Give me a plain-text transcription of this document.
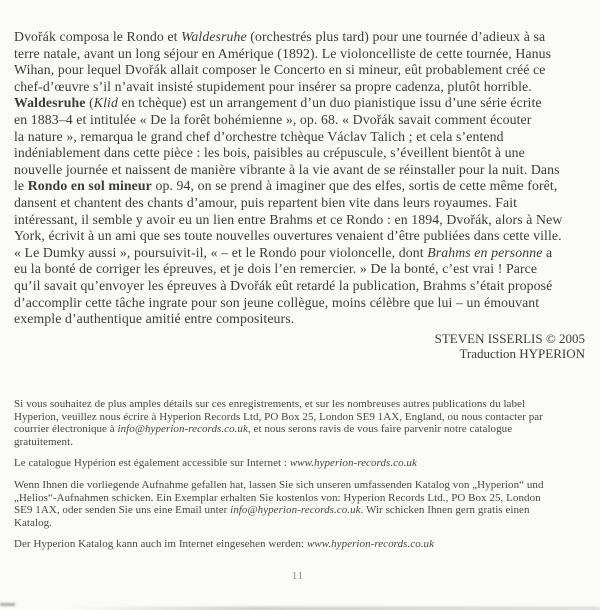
Dvořák composa le Rondo et Waldesruhe (orchestrés plus tard) pour une tournée d’adieux à sa
terre natale, avant un long séjour en Amérique (1892). Le violoncelliste de cette tournée, Hanus
Wihan, pour lequel Dvořák allait composer le Concerto en si mineur, eût probablement créé ce
chef-d’œuvre s’il n’avait insisté stupidement pour insérer sa propre cadenza, plutôt horrible.
Waldesruhe (Klid en tchèque) est un arrangement d’un duo pianistique issu d’une série écrite
en 1883–4 et intitulée « De la forêt bohémienne », op. 68. « Dvořák savait comment écouter
la nature », remarqua le grand chef d’orchestre tchèque Václav Talich ; et cela s’entend
indéniablement dans cette pièce : les bois, paisibles au crépuscule, s’éveillent bientôt à une
nouvelle journée et naissent de manière vibrante à la vie avant de se réinstaller pour la nuit. Dans
le Rondo en sol mineur op. 94, on se prend à imaginer que des elfes, sortis de cette même forêt,
dansent et chantent des chants d’amour, puis repartent bien vite dans leurs royaumes. Fait
intéressant, il semble y avoir eu un lien entre Brahms et ce Rondo : en 1894, Dvořák, alors à New
York, écrivit à un ami que ses toute nouvelles ouvertures venaient d’être publiées dans cette ville.
« Le Dumky aussi », poursuivit-il, « – et le Rondo pour violoncelle, dont Brahms en personne a
eu la bonté de corriger les épreuves, et je dois l’en remercier. » De la bonté, c’est vrai ! Parce
qu’il savait qu’envoyer les épreuves à Dvořák eût retardé la publication, Brahms s’était proposé
d’accomplir cette tâche ingrate pour son jeune collègue, moins célèbre que lui – un émouvant
exemple d’authentique amitié entre compositeurs.
STEVEN ISSERLIS © 2005
Traduction HYPERION
Si vous souhaitez de plus amples détails sur ces enregistrements, et sur les nombreuses autres publications du label
Hyperion, veuillez nous écrire à Hyperion Records Ltd, PO Box 25, London SE9 1AX, England, ou nous contacter par
courrier électronique à info@hyperion-records.co.uk, et nous serons ravis de vous faire parvenir notre catalogue
gratuitement.
Le catalogue Hypérion est également accessible sur Internet : www.hyperion-records.co.uk
Wenn Ihnen die vorliegende Aufnahme gefallen hat, lassen Sie sich unseren umfassenden Katalog von „Hyperion“ und
„Helios“-Aufnahmen schicken. Ein Exemplar erhalten Sie kostenlos von: Hyperion Records Ltd., PO Box 25, London
SE9 1AX, oder senden Sie uns eine Email unter info@hyperion-records.co.uk. Wir schicken Ihnen gern gratis einen
Katalog.
Der Hyperion Katalog kann auch im Internet eingesehen werden: www.hyperion-records.co.uk
11
